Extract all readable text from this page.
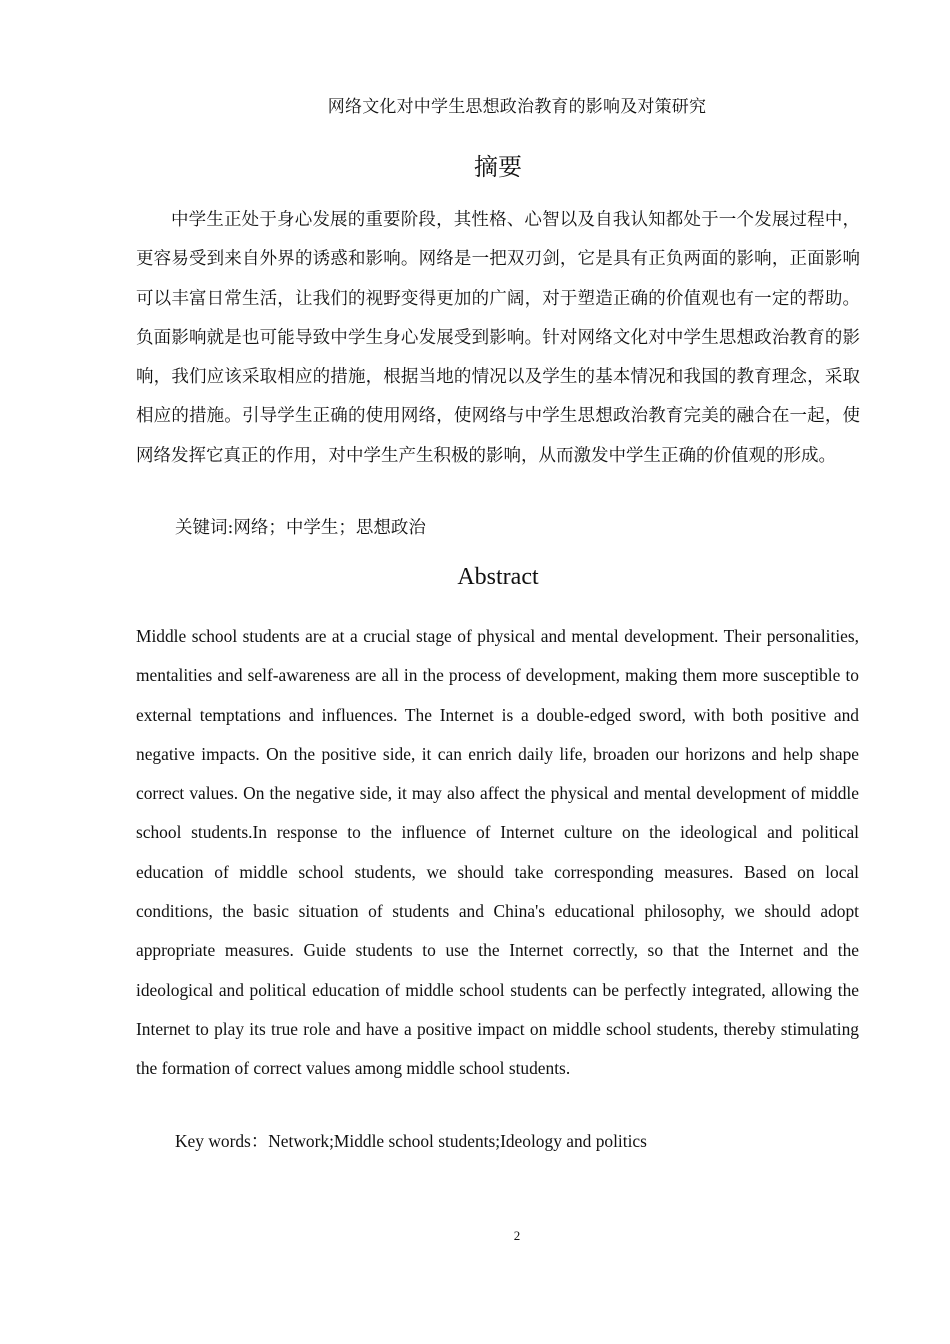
网络文化对中学生思想政治教育的影响及对策研究
摘要

中学生正处于身心发展的重要阶段，其性格、心智以及自我认知都处于一个发展过程中，更容易受到来自外界的诱惑和影响。网络是一把双刃剑，它是具有正负两面的影响，正面影响可以丰富日常生活，让我们的视野变得更加的广阔，对于塑造正确的价值观也有一定的帮助。负面影响就是也可能导致中学生身心发展受到影响。针对网络文化对中学生思想政治教育的影响，我们应该采取相应的措施，根据当地的情况以及学生的基本情况和我国的教育理念，采取相应的措施。引导学生正确的使用网络，使网络与中学生思想政治教育完美的融合在一起，使网络发挥它真正的作用，对中学生产生积极的影响，从而激发中学生正确的价值观的形成。

关键词:网络；中学生；思想政治
Abstract

Middle school students are at a crucial stage of physical and mental development. Their personalities, mentalities and self-awareness are all in the process of development, making them more susceptible to external temptations and influences. The Internet is a double-edged sword, with both positive and negative impacts. On the positive side, it can enrich daily life, broaden our horizons and help shape correct values. On the negative side, it may also affect the physical and mental development of middle school students.In response to the influence of Internet culture on the ideological and political education of middle school students, we should take corresponding measures. Based on local conditions, the basic situation of students and China's educational philosophy, we should adopt appropriate measures. Guide students to use the Internet correctly, so that the Internet and the ideological and political education of middle school students can be perfectly integrated, allowing the Internet to play its true role and have a positive impact on middle school students, thereby stimulating the formation of correct values among middle school students.

Key words：Network;Middle school students;Ideology and politics
2
